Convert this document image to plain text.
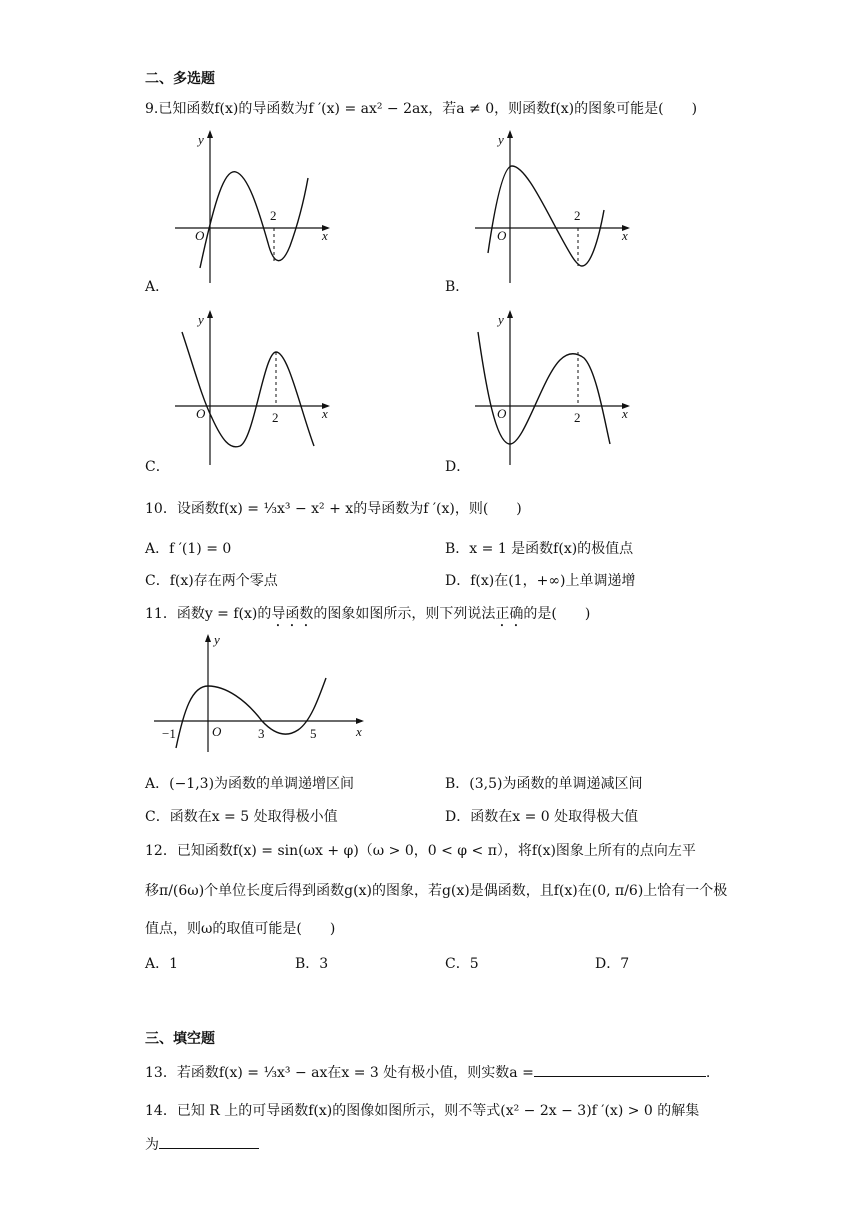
二、多选题
9.已知函数f(x)的导函数为f ′(x) = ax² − 2ax，若a ≠ 0，则函数f(x)的图象可能是(　　)
y
x
O
2
A．
y
x
O
2
B．
y
x
O	2
C．
y
x
O	2
D．
10．设函数f(x) = ⅓x³ − x² + x的导函数为f ′(x)，则(　　)
A．f ′(1) = 0	B．x = 1 是函数f(x)的极值点
C．f(x)存在两个零点	D．f(x)在(1，+∞)上单调递增
11．函数y = f(x)的导函数的图象如图所示，则下列说法正确的是(　　)
y
x
O
−1	3	5
A．(−1,3)为函数的单调递增区间	B．(3,5)为函数的单调递减区间
C．函数在x = 5 处取得极小值	D．函数在x = 0 处取得极大值
12．已知函数f(x) = sin(ωx + φ)（ω > 0，0 < φ < π），将f(x)图象上所有的点向左平
移π/(6ω)个单位长度后得到函数g(x)的图象，若g(x)是偶函数，且f(x)在(0, π/6)上恰有一个极
值点，则ω的取值可能是(　　)
A．1	B．3	C．5	D．7
三、填空题
13．若函数f(x) = ⅓x³ − ax在x = 3 处有极小值，则实数a =	.
14．已知 R 上的可导函数f(x)的图像如图所示，则不等式(x² − 2x − 3)f ′(x) > 0 的解集
为
